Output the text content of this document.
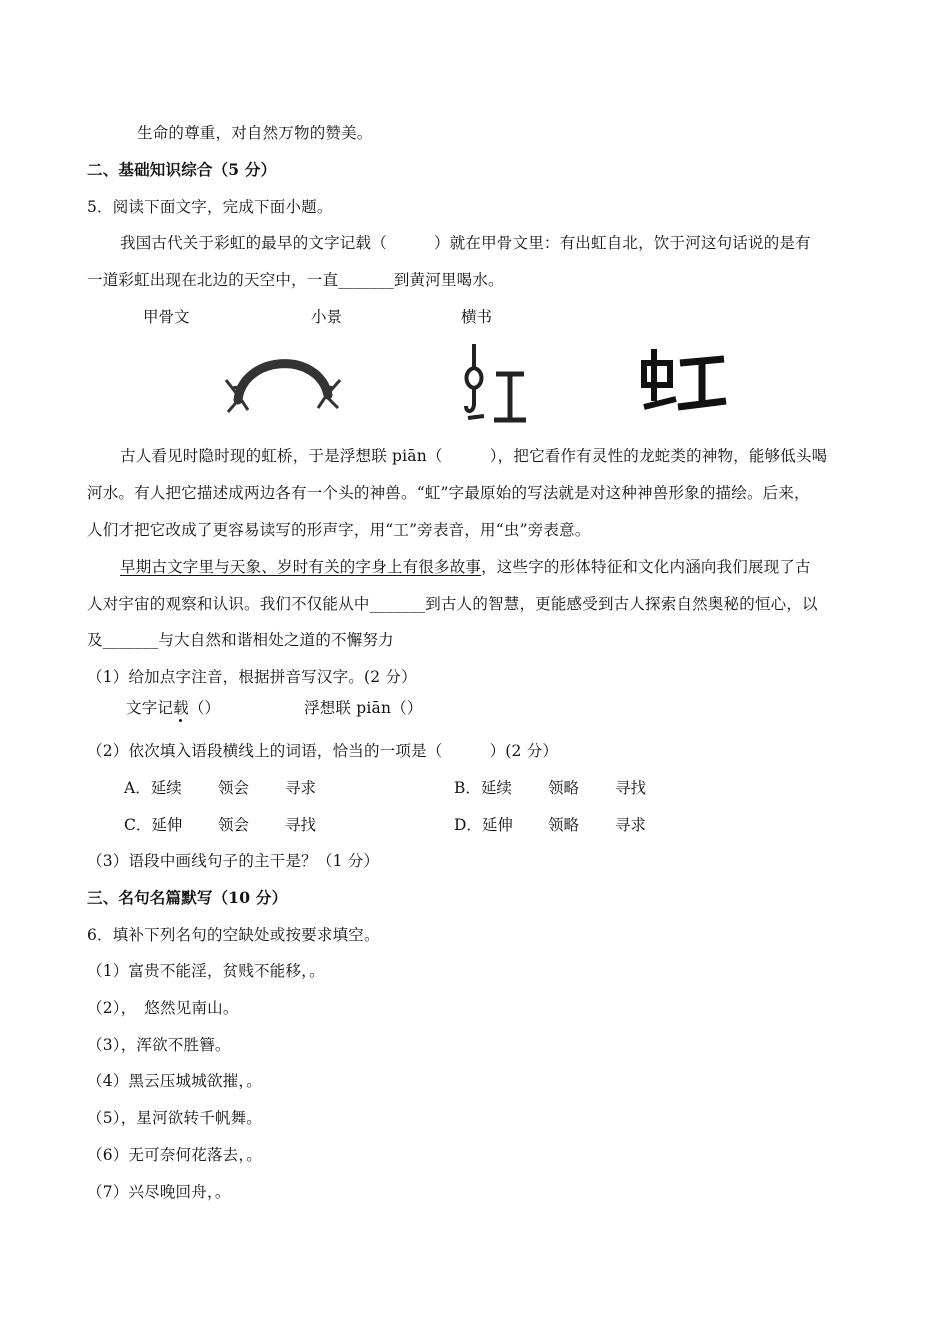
生命的尊重，对自然万物的赞美。
二、基础知识综合（5 分）
5．阅读下面文字，完成下面小题。
我国古代关于彩虹的最早的文字记载（　　　）就在甲骨文里：有出虹自北，饮于河这句话说的是有
一道彩虹出现在北边的天空中，一直_______到黄河里喝水。
甲骨文	小景	横书
古人看见时隐时现的虹桥，于是浮想联 piān（　　　），把它看作有灵性的龙蛇类的神物，能够低头喝
河水。有人把它描述成两边各有一个头的神兽。“虹”字最原始的写法就是对这种神兽形象的描绘。后来，
人们才把它改成了更容易读写的形声字，用“工”旁表音，用“虫”旁表意。
早期古文字里与天象、岁时有关的字身上有很多故事，这些字的形体特征和文化内涵向我们展现了古
人对宇宙的观察和认识。我们不仅能从中_______到古人的智慧，更能感受到古人探索自然奥秘的恒心，以
及_______与大自然和谐相处之道的不懈努力
（1）给加点字注音，根据拼音写汉字。(2 分）
文字记载（）	浮想联 piān（）
（2）依次填入语段横线上的词语，恰当的一项是（　　　）(2 分）
A．延续 领会 寻求	B．延续 领略 寻找
C．延伸 领会 寻找	D．延伸 领略 寻求
（3）语段中画线句子的主干是？（1 分）
三、名句名篇默写（10 分）
6．填补下列名句的空缺处或按要求填空。
（1）富贵不能淫，贫贱不能移，。
（2），　悠然见南山。
（3），浑欲不胜簪。
（4）黑云压城城欲摧，。
（5），星河欲转千帆舞。
（6）无可奈何花落去，。
（7）兴尽晚回舟，。
